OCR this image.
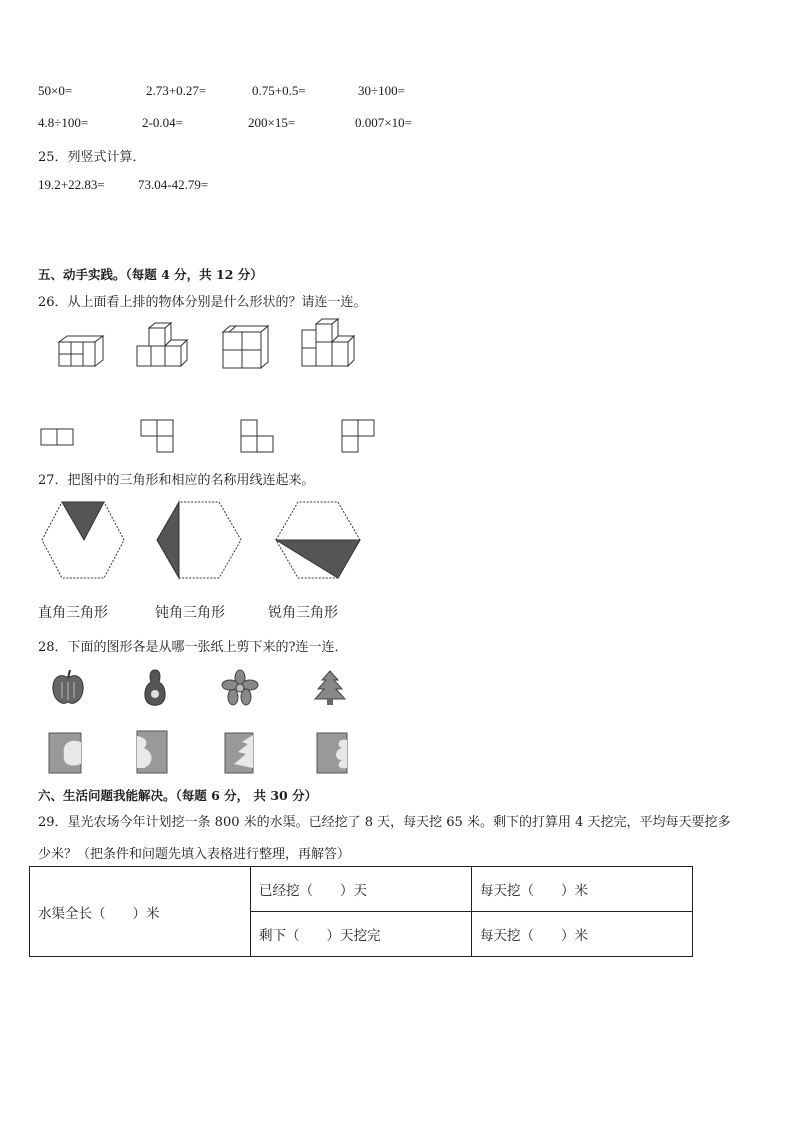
50×0=	2.73+0.27=	0.75+0.5=	30÷100=
4.8÷100=	2-0.04=	200×15=	0.007×10=
25．列竖式计算．
19.2+22.83=	73.04-42.79=
五、动手实践。（每题 4 分，共 12 分）
26．从上面看上排的物体分别是什么形状的？请连一连。
27．把图中的三角形和相应的名称用线连起来。
直角三角形	钝角三角形	锐角三角形
28．下面的图形各是从哪一张纸上剪下来的?连一连．
六、生活问题我能解决。（每题 6 分， 共 30 分）
29．星光农场今年计划挖一条 800 米的水渠。已经挖了 8 天，每天挖 65 米。剩下的打算用 4 天挖完，平均每天要挖多
少米？（把条件和问题先填入表格进行整理，再解答）
水渠全长（　　）米	已经挖（　　）天	每天挖（　　）米
	剩下（　　）天挖完	每天挖（　　）米
